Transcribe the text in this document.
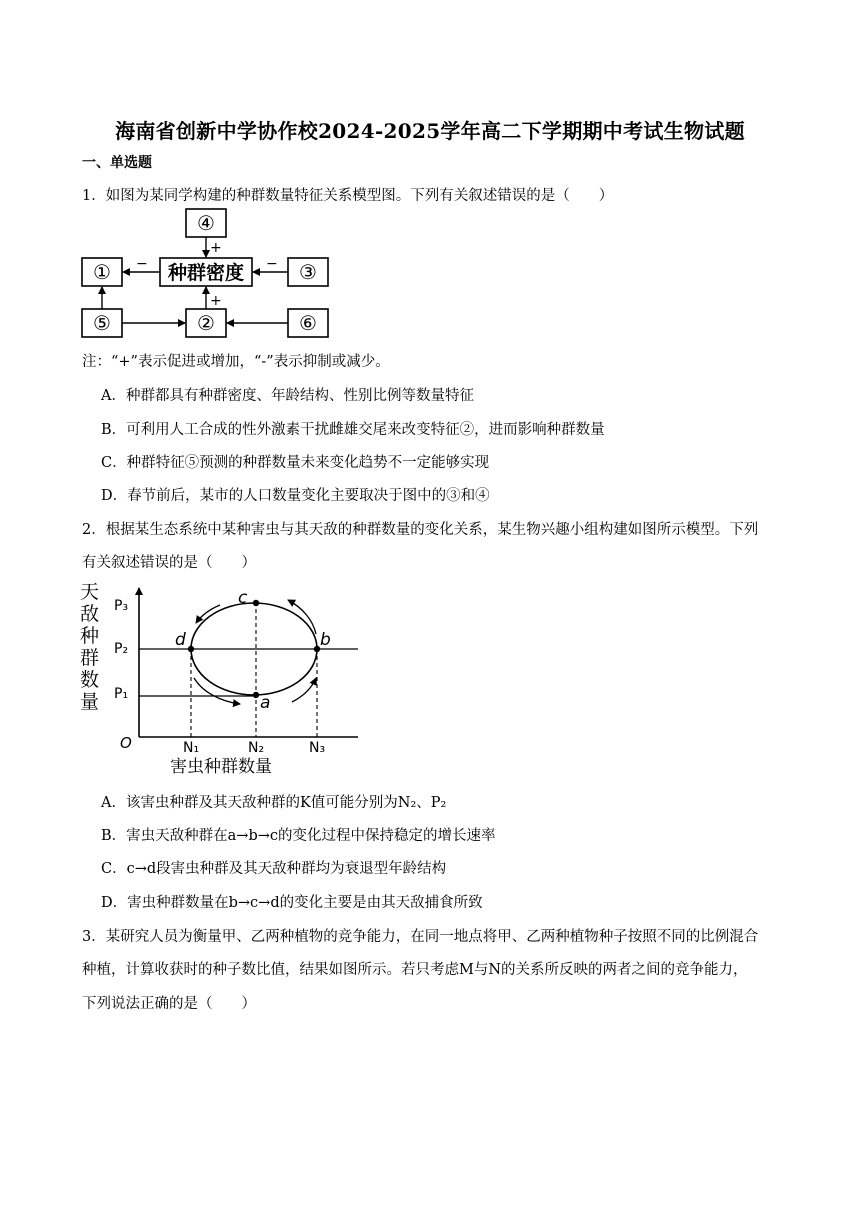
海南省创新中学协作校2024-2025学年高二下学期期中考试生物试题
一、单选题
1．如图为某同学构建的种群数量特征关系模型图。下列有关叙述错误的是（　　）
④
①	种群密度	③
⑤	②	⑥
+
−	−
+
注：“+”表示促进或增加，“-”表示抑制或减少。
A．种群都具有种群密度、年龄结构、性别比例等数量特征
B．可利用人工合成的性外激素干扰雌雄交尾来改变特征②，进而影响种群数量
C．种群特征⑤预测的种群数量未来变化趋势不一定能够实现
D．春节前后，某市的人口数量变化主要取决于图中的③和④
2．根据某生态系统中某种害虫与其天敌的种群数量的变化关系，某生物兴趣小组构建如图所示模型。下列
有关叙述错误的是（　　）
天
敌
种
群
数
量
O
P₃
P₂
P₁
c
d	b
a
N₁	N₂	N₃
害虫种群数量
A．该害虫种群及其天敌种群的K值可能分别为N₂、P₂
B．害虫天敌种群在a→b→c的变化过程中保持稳定的增长速率
C．c→d段害虫种群及其天敌种群均为衰退型年龄结构
D．害虫种群数量在b→c→d的变化主要是由其天敌捕食所致
3．某研究人员为衡量甲、乙两种植物的竞争能力，在同一地点将甲、乙两种植物种子按照不同的比例混合
种植，计算收获时的种子数比值，结果如图所示。若只考虑M与N的关系所反映的两者之间的竞争能力，
下列说法正确的是（　　）
